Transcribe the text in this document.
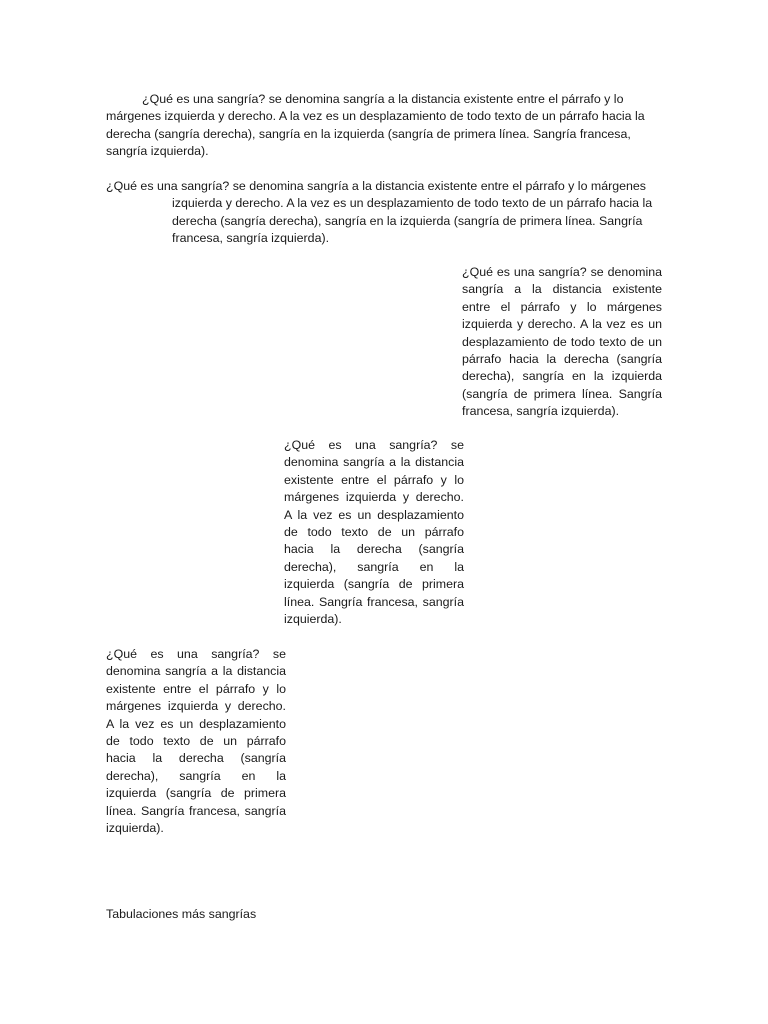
¿Qué es una sangría? se denomina sangría a la distancia existente entre el párrafo y lo márgenes izquierda y derecho. A la vez es un desplazamiento de todo texto de un párrafo hacia la derecha (sangría derecha), sangría en la izquierda (sangría de primera línea. Sangría francesa, sangría izquierda).

¿Qué es una sangría? se denomina sangría a la distancia existente entre el párrafo y lo márgenes izquierda y derecho. A la vez es un desplazamiento de todo texto de un párrafo hacia la derecha (sangría derecha), sangría en la izquierda (sangría de primera línea. Sangría francesa, sangría izquierda).

¿Qué es una sangría? se denomina sangría a la distancia existente entre el párrafo y lo márgenes izquierda y derecho. A la vez es un desplazamiento de todo texto de un párrafo hacia la derecha (sangría derecha), sangría en la izquierda (sangría de primera línea. Sangría francesa, sangría izquierda).

¿Qué es una sangría? se denomina sangría a la distancia existente entre el párrafo y lo márgenes izquierda y derecho. A la vez es un desplazamiento de todo texto de un párrafo hacia la derecha (sangría derecha), sangría en la izquierda (sangría de primera línea. Sangría francesa, sangría izquierda).

¿Qué es una sangría? se denomina sangría a la distancia existente entre el párrafo y lo márgenes izquierda y derecho. A la vez es un desplazamiento de todo texto de un párrafo hacia la derecha (sangría derecha), sangría en la izquierda (sangría de primera línea. Sangría francesa, sangría izquierda).

Tabulaciones más sangrías
